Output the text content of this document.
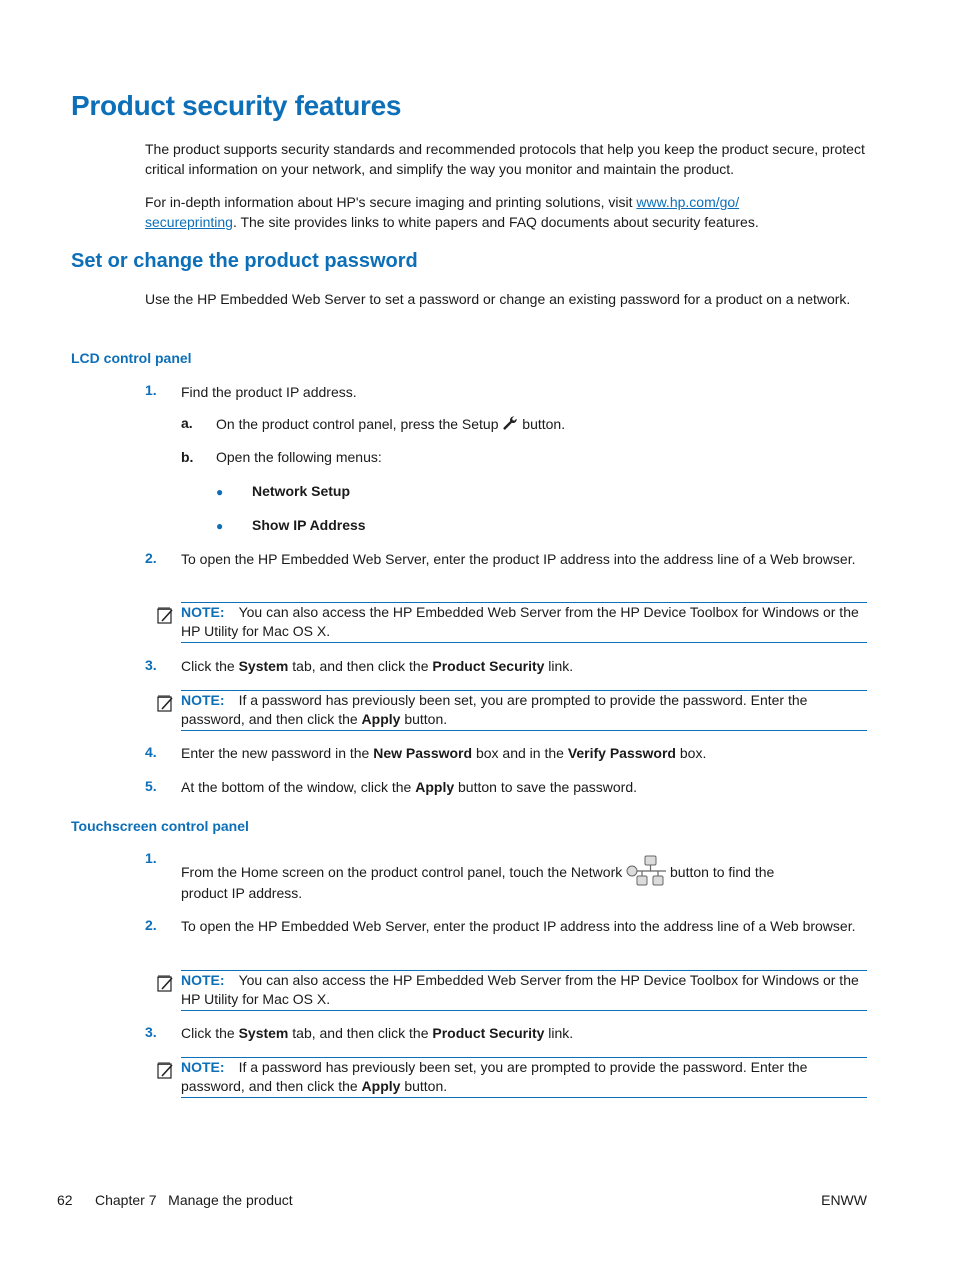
Product security features

The product supports security standards and recommended protocols that help you keep the product secure, protect critical information on your network, and simplify the way you monitor and maintain the product.

For in-depth information about HP's secure imaging and printing solutions, visit www.hp.com/go/
secureprinting. The site provides links to white papers and FAQ documents about security features.

Set or change the product password

Use the HP Embedded Web Server to set a password or change an existing password for a product on a network.

LCD control panel
1. Find the product IP address.
a. On the product control panel, press the Setup  button.
b. Open the following menus:
● Network Setup
● Show IP Address
2. To open the HP Embedded Web Server, enter the product IP address into the address line of a Web browser.
NOTE: You can also access the HP Embedded Web Server from the HP Device Toolbox for Windows or the HP Utility for Mac OS X.
3. Click the System tab, and then click the Product Security link.
NOTE: If a password has previously been set, you are prompted to provide the password. Enter the password, and then click the Apply button.
4. Enter the new password in the New Password box and in the Verify Password box.
5. At the bottom of the window, click the Apply button to save the password.
Touchscreen control panel
1.
From the Home screen on the product control panel, touch the Network	button to find the
product IP address.
2. To open the HP Embedded Web Server, enter the product IP address into the address line of a Web browser.
NOTE: You can also access the HP Embedded Web Server from the HP Device Toolbox for Windows or the HP Utility for Mac OS X.
3. Click the System tab, and then click the Product Security link.
NOTE: If a password has previously been set, you are prompted to provide the password. Enter the password, and then click the Apply button.
62 Chapter 7   Manage the product	ENWW
